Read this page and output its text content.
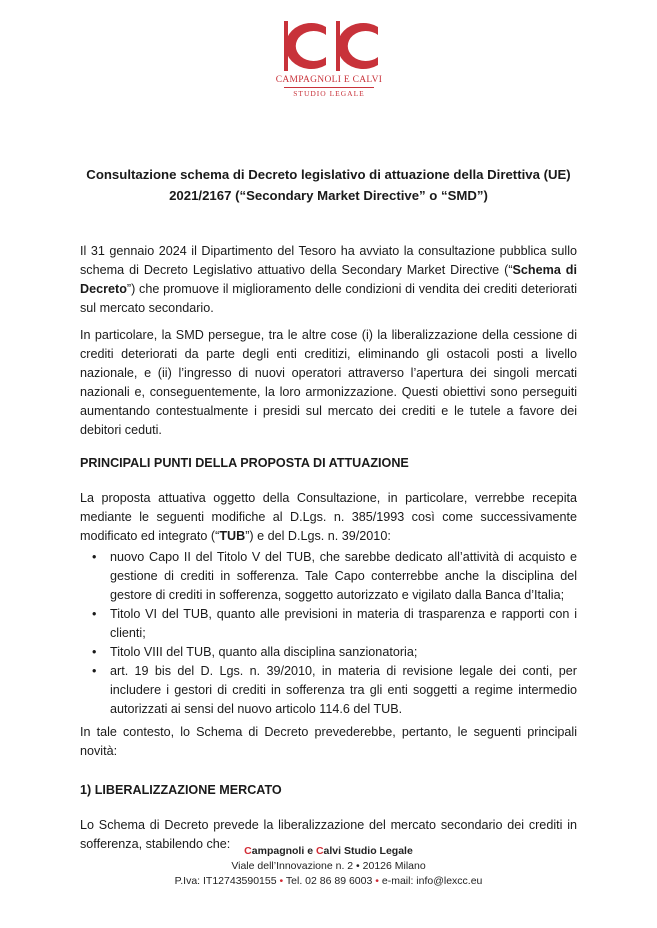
CAMPAGNOLI E CALVI
STUDIO LEGALE
Consultazione schema di Decreto legislativo di attuazione della Direttiva (UE)
2021/2167 (“Secondary Market Directive” o “SMD”)

Il 31 gennaio 2024 il Dipartimento del Tesoro ha avviato la consultazione pubblica sullo schema di Decreto Legislativo attuativo della Secondary Market Directive (“Schema di Decreto”) che promuove il miglioramento delle condizioni di vendita dei crediti deteriorati sul mercato secondario.

In particolare, la SMD persegue, tra le altre cose (i) la liberalizzazione della cessione di crediti deteriorati da parte degli enti creditizi, eliminando gli ostacoli posti a livello nazionale, e (ii) l’ingresso di nuovi operatori attraverso l’apertura dei singoli mercati nazionali e, conseguentemente, la loro armonizzazione. Questi obiettivi sono perseguiti aumentando contestualmente i presidi sul mercato dei crediti e le tutele a favore dei debitori ceduti.

PRINCIPALI PUNTI DELLA PROPOSTA DI ATTUAZIONE

La proposta attuativa oggetto della Consultazione, in particolare, verrebbe recepita mediante le seguenti modifiche al D.Lgs. n. 385/1993 così come successivamente modificato ed integrato (“TUB”) e del D.Lgs. n. 39/2010:

• nuovo Capo II del Titolo V del TUB, che sarebbe dedicato all’attività di acquisto e gestione di crediti in sofferenza. Tale Capo conterrebbe anche la disciplina del gestore di crediti in sofferenza, soggetto autorizzato e vigilato dalla Banca d’Italia;
• Titolo VI del TUB, quanto alle previsioni in materia di trasparenza e rapporti con i clienti;
• Titolo VIII del TUB, quanto alla disciplina sanzionatoria;
• art. 19 bis del D. Lgs. n. 39/2010, in materia di revisione legale dei conti, per includere i gestori di crediti in sofferenza tra gli enti soggetti a regime intermedio autorizzati ai sensi del nuovo articolo 114.6 del TUB.

In tale contesto, lo Schema di Decreto prevederebbe, pertanto, le seguenti principali novità:

1) LIBERALIZZAZIONE MERCATO

Lo Schema di Decreto prevede la liberalizzazione del mercato secondario dei crediti in sofferenza, stabilendo che:	Campagnoli e Calvi Studio Legale
Viale dell’Innovazione n. 2 • 20126 Milano
P.Iva: IT12743590155 • Tel. 02 86 89 6003 • e-mail: info@lexcc.eu
